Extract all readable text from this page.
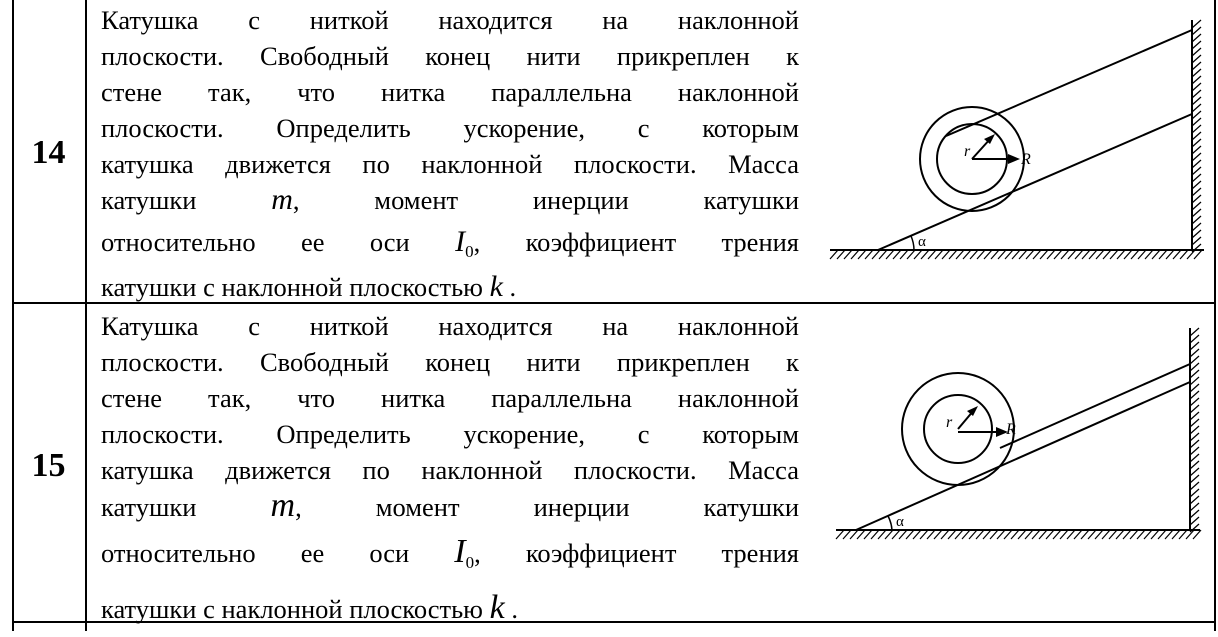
14
Катушка с ниткой находится на наклонной
плоскости. Свободный конец нити прикреплен к
стене так, что нитка параллельна наклонной
плоскости. Определить ускорение, с которым
катушка движется по наклонной плоскости. Масса
катушки m,	момент	инерции	катушки
относительно ее оси $I_0$, коэффициент трения
катушки с наклонной плоскостью k .
r	R
α
15
Катушка с ниткой находится на наклонной
плоскости. Свободный конец нити прикреплен к
стене так, что нитка параллельна наклонной
плоскости. Определить ускорение, с которым
катушка движется по наклонной плоскости. Масса
катушки m,	момент	инерции	катушки
относительно ее оси $I_0$, коэффициент трения
катушки с наклонной плоскостью k .
r	R
α
